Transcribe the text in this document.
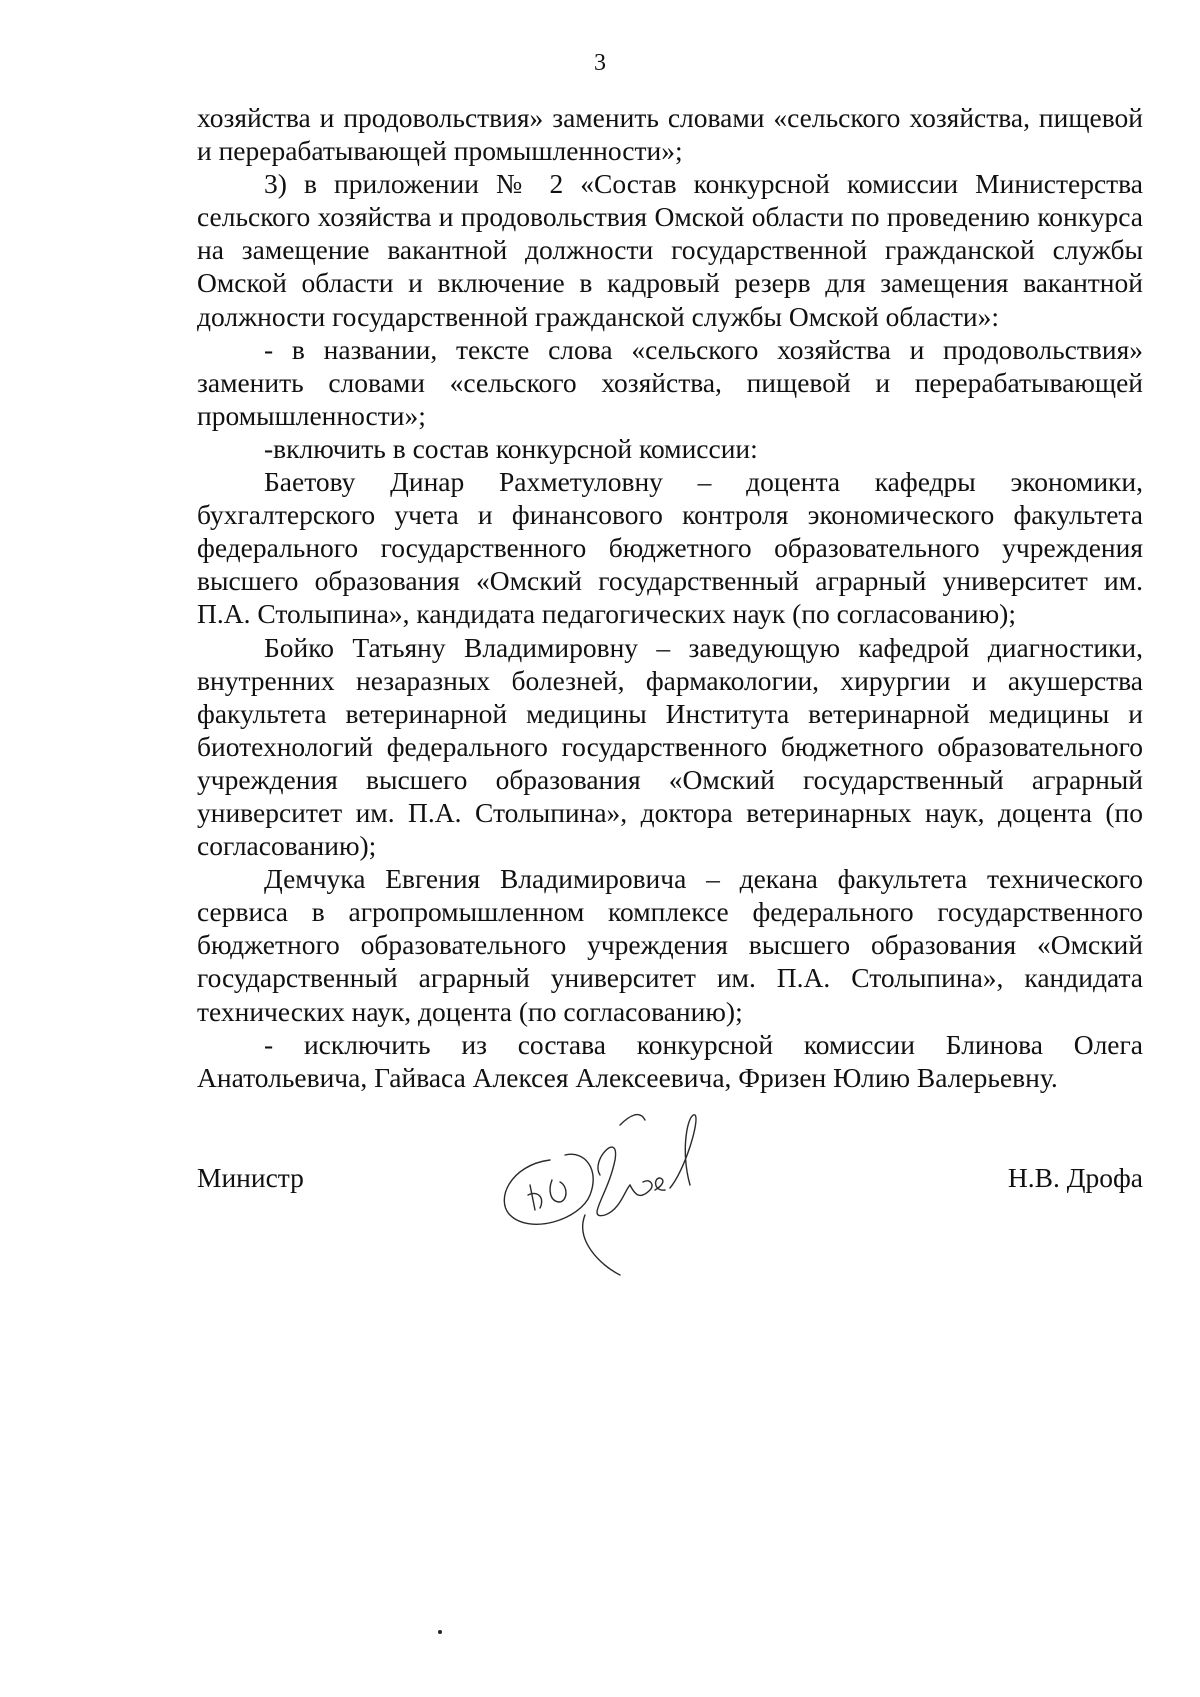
3

хозяйства и продовольствия» заменить словами «сельского хозяйства, пищевой и перерабатывающей промышленности»;

3) в приложении № 2 «Состав конкурсной комиссии Министерства сельского хозяйства и продовольствия Омской области по проведению конкурса на замещение вакантной должности государственной гражданской службы Омской области и включение в кадровый резерв для замещения вакантной должности государственной гражданской службы Омской области»:

- в названии, тексте слова «сельского хозяйства и продовольствия» заменить словами «сельского хозяйства, пищевой и перерабатывающей промышленности»;

-включить в состав конкурсной комиссии:

Баетову Динар Рахметуловну – доцента кафедры экономики, бухгалтерского учета и финансового контроля экономического факультета федерального государственного бюджетного образовательного учреждения высшего образования «Омский государственный аграрный университет им. П.А. Столыпина», кандидата педагогических наук (по согласованию);

Бойко Татьяну Владимировну – заведующую кафедрой диагностики, внутренних незаразных болезней, фармакологии, хирургии и акушерства факультета ветеринарной медицины Института ветеринарной медицины и биотехнологий федерального государственного бюджетного образовательного учреждения высшего образования «Омский государственный аграрный университет им. П.А. Столыпина», доктора ветеринарных наук, доцента (по согласованию);

Демчука Евгения Владимировича – декана факультета технического сервиса в агропромышленном комплексе федерального государственного бюджетного образовательного учреждения высшего образования «Омский государственный аграрный университет им. П.А. Столыпина», кандидата технических наук, доцента (по согласованию);

- исключить из состава конкурсной комиссии Блинова Олега Анатольевича, Гайваса Алексея Алексеевича, Фризен Юлию Валерьевну.

Министр	Н.В. Дрофа
